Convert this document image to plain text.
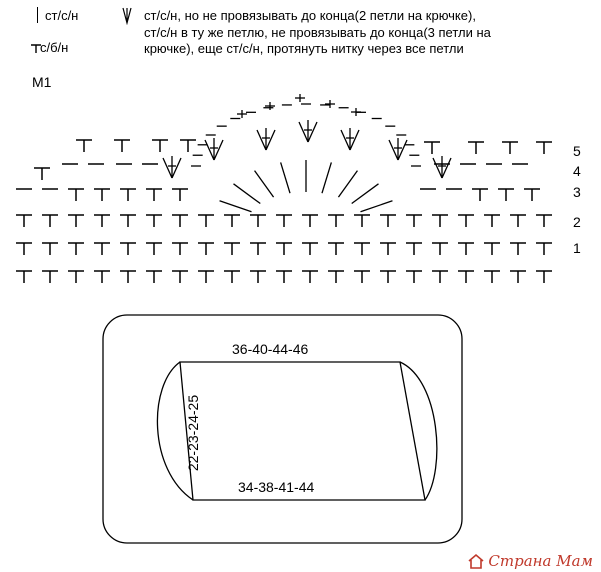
ст/с/н	ст/с/н, но не провязывать до конца(2 петли на крючке),
ст/с/н в ту же петлю, не провязывать до конца(3 петли на
крючке), еще ст/с/н, протянуть нитку через все петли
с/б/н
M1
5
4
3
2
1
36-40-44-46
34-38-41-44
22-23-24-25
Страна Мам
